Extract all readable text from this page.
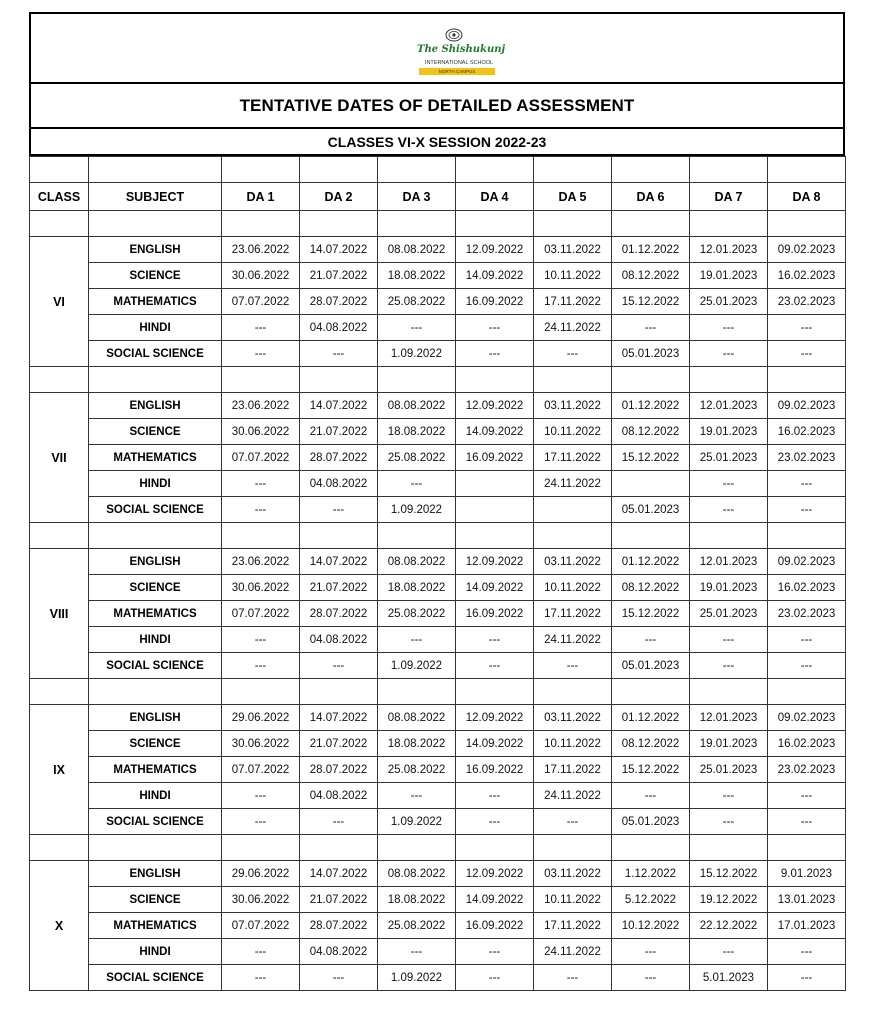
The Shishukunj
INTERNATIONAL SCHOOL
NORTH CAMPUS
TENTATIVE DATES OF DETAILED ASSESSMENT
CLASSES VI-X SESSION 2022-23

CLASS	SUBJECT	DA 1	DA 2	DA 3	DA 4	DA 5	DA 6	DA 7	DA 8

VI	ENGLISH	23.06.2022	14.07.2022	08.08.2022	12.09.2022	03.11.2022	01.12.2022	12.01.2023	09.02.2023
	SCIENCE	30.06.2022	21.07.2022	18.08.2022	14.09.2022	10.11.2022	08.12.2022	19.01.2023	16.02.2023
	MATHEMATICS	07.07.2022	28.07.2022	25.08.2022	16.09.2022	17.11.2022	15.12.2022	25.01.2023	23.02.2023
	HINDI	---	04.08.2022	---	---	24.11.2022	---	---	---
	SOCIAL SCIENCE	---	---	1.09.2022	---	---	05.01.2023	---	---

VII	ENGLISH	23.06.2022	14.07.2022	08.08.2022	12.09.2022	03.11.2022	01.12.2022	12.01.2023	09.02.2023
	SCIENCE	30.06.2022	21.07.2022	18.08.2022	14.09.2022	10.11.2022	08.12.2022	19.01.2023	16.02.2023
	MATHEMATICS	07.07.2022	28.07.2022	25.08.2022	16.09.2022	17.11.2022	15.12.2022	25.01.2023	23.02.2023
	HINDI	---	04.08.2022	---		24.11.2022		---	---
	SOCIAL SCIENCE	---	---	1.09.2022			05.01.2023	---	---

VIII	ENGLISH	23.06.2022	14.07.2022	08.08.2022	12.09.2022	03.11.2022	01.12.2022	12.01.2023	09.02.2023
	SCIENCE	30.06.2022	21.07.2022	18.08.2022	14.09.2022	10.11.2022	08.12.2022	19.01.2023	16.02.2023
	MATHEMATICS	07.07.2022	28.07.2022	25.08.2022	16.09.2022	17.11.2022	15.12.2022	25.01.2023	23.02.2023
	HINDI	---	04.08.2022	---	---	24.11.2022	---	---	---
	SOCIAL SCIENCE	---	---	1.09.2022	---	---	05.01.2023	---	---

IX	ENGLISH	29.06.2022	14.07.2022	08.08.2022	12.09.2022	03.11.2022	01.12.2022	12.01.2023	09.02.2023
	SCIENCE	30.06.2022	21.07.2022	18.08.2022	14.09.2022	10.11.2022	08.12.2022	19.01.2023	16.02.2023
	MATHEMATICS	07.07.2022	28.07.2022	25.08.2022	16.09.2022	17.11.2022	15.12.2022	25.01.2023	23.02.2023
	HINDI	---	04.08.2022	---	---	24.11.2022	---	---	---
	SOCIAL SCIENCE	---	---	1.09.2022	---	---	05.01.2023	---	---

X	ENGLISH	29.06.2022	14.07.2022	08.08.2022	12.09.2022	03.11.2022	1.12.2022	15.12.2022	9.01.2023
	SCIENCE	30.06.2022	21.07.2022	18.08.2022	14.09.2022	10.11.2022	5.12.2022	19.12.2022	13.01.2023
	MATHEMATICS	07.07.2022	28.07.2022	25.08.2022	16.09.2022	17.11.2022	10.12.2022	22.12.2022	17.01.2023
	HINDI	---	04.08.2022	---	---	24.11.2022	---	---	---
	SOCIAL SCIENCE	---	---	1.09.2022	---	---	---	5.01.2023	---
